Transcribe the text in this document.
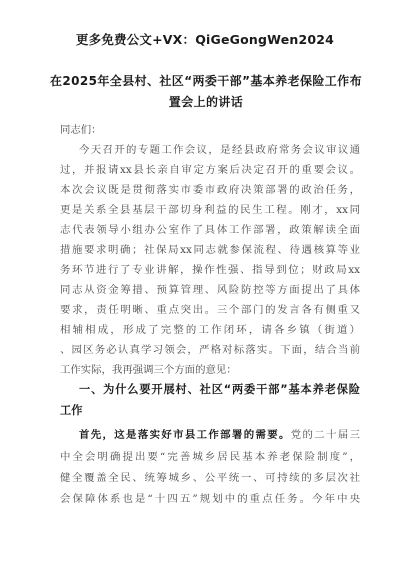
更多免费公文+VX：QiGeGongWen2024
在2025年全县村、社区“两委干部”基本养老保险工作布
置会上的讲话
同志们：
今天召开的专题工作会议，是经县政府常务会议审议通
过，并报请xx县长亲自审定方案后决定召开的重要会议。
本次会议既是贯彻落实市委市政府决策部署的政治任务，
更是关系全县基层干部切身利益的民生工程。刚才，xx同
志代表领导小组办公室作了具体工作部署，政策解读全面
措施要求明确；社保局xx同志就参保流程、待遇核算等业
务环节进行了专业讲解，操作性强、指导到位；财政局xx
同志从资金筹措、预算管理、风险防控等方面提出了具体
要求，责任明晰、重点突出。三个部门的发言各有侧重又
相辅相成，形成了完整的工作闭环，请各乡镇（街道）
、园区务必认真学习领会，严格对标落实。下面，结合当前
工作实际，我再强调三个方面的意见：
一、为什么要开展村、社区“两委干部”基本养老保险
工作
首先，这是落实好市县工作部署的需要。党的二十届三
中全会明确提出要“完善城乡居民基本养老保险制度”，
健全覆盖全民、统筹城乡、公平统一、可持续的多层次社
会保障体系也是“十四五”规划中的重点任务。今年中央
